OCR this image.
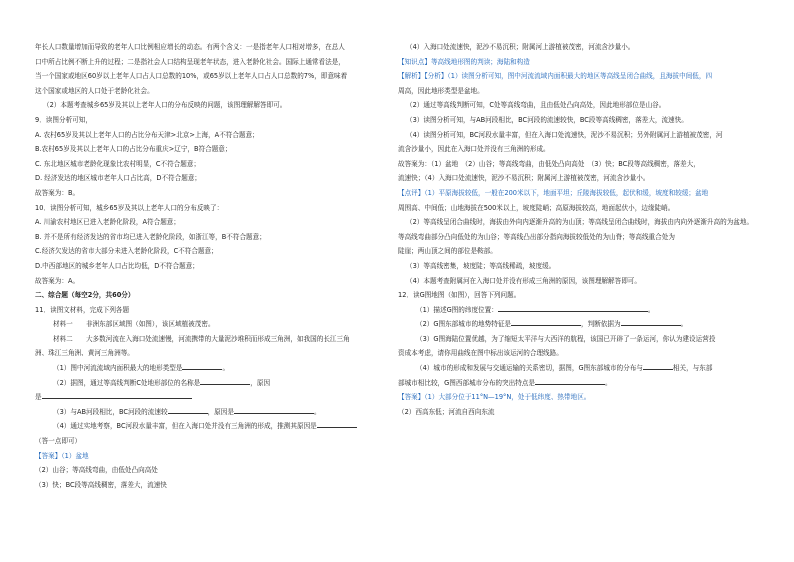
年长人口数量增加而导致的老年人口比例相应增长的动态。有两个含义：一是指老年人口相对增多，在总人

口中所占比例不断上升的过程；二是指社会人口结构呈现老年状态，进入老龄化社会。国际上通常看法是，

当一个国家或地区60岁以上老年人口占人口总数的10%，或65岁以上老年人口占人口总数的7%，即意味着

这个国家或地区的人口处于老龄化社会。

（2）本题考查城乡65岁及其以上老年人口的分布反映的问题，该图理解解答即可。

9．读图分析可知，

A. 农村65岁及其以上老年人口的占比分布天津>北京>上海，A不符合题意；

B.农村65岁及其以上老年人口的占比分布重庆>辽宁，B符合题意；

C. 东北地区城市老龄化现象比农村明显，C不符合题意；

D. 经济发达的地区城市老年人口占比高，D不符合题意；

故答案为：B。

10．读图分析可知，城乡65岁及其以上老年人口的分布反映了：

A. 川渝农村地区已进入老龄化阶段，A符合题意；

B. 并不是所有经济发达的省市均已进入老龄化阶段，如浙江等，B不符合题意；

C.经济欠发达的省市大部分未进入老龄化阶段，C不符合题意；

D.中西部地区的城乡老年人口占比均低，D不符合题意；

故答案为：A。

二、综合题（每空2分，共60分）

11．读图文材料，完成下列各题

材料一　　非洲东部区域图（如图），该区域植被茂密。

材料二　　大多数河流在入海口处流速慢，河流携带的大量泥沙堆积而形成三角洲，如我国的长江三角

洲、珠江三角洲、黄河三角洲等。

（1）图中河流流域内面积最大的地形类型是	。

（2）据图，通过等高线判断C处地形部位的名称是	，原因

是

（3）与AB河段相比，BC河段的流速较	，原因是	。

（4）通过实地考察，BC河段水量丰富，但在入海口处并没有三角洲的形成，推测其原因是

（答一点即可）

【答案】（1）盆地

（2）山谷；等高线弯曲，由低处凸向高处

（3）快；BC段等高线稠密，落差大，流速快

（4）入海口处流速快，泥沙不易沉积；附属河上游植被茂密，河流含沙量小。

【知识点】等高线地形图的判读；海陆和构造

【解析】【分析】（1）读图分析可知，图中河流流域内面积最大的地区等高线呈闭合曲线，且海拔中间低，四

周高，因此地形类型是盆地。

（2）通过等高线判断可知，C处等高线弯曲，且由低处凸向高处，因此地形部位是山谷。

（3）读图分析可知，与AB河段相比，BC河段的流速较快，BC段等高线稠密，落差大，流速快。

（4）读图分析可知，BC河段水量丰富，但在入海口处流速快，泥沙不易沉积；另外附属河上游植被茂密，河

流含沙量小，因此在入海口处并没有三角洲的形成。

故答案为：（1）盆地　（2）山谷；等高线弯曲，由低处凸向高处　（3）快；BC段等高线稠密，落差大，

流速快；（4）入海口处流速快，泥沙不易沉积；附属河上游植被茂密，河流含沙量小。

【点评】（1）平原海拔较低，一般在200米以下，地面平坦；丘陵海拔较低，起伏和缓，坡度和较缓；盆地

周围高、中间低；山地海拔在500米以上，坡度陡峭；高原海拔较高，地面起伏小，边缘陡峭。

（2）等高线呈闭合曲线时，海拔由外向内逐渐升高的为山顶；等高线呈闭合曲线时，海拔由内向外逐渐升高的为盆地。

等高线弯曲部分凸向低处的为山谷；等高线凸出部分指向海拔较低处的为山脊；等高线重合处为

陡崖；两山顶之间的部位是鞍部。

（3）等高线密集，坡度陡；等高线稀疏，坡度缓。

（4）本题考查附属河在入海口处并没有形成三角洲的原因，该图理解解答即可。

12．读G图地图（如图），回答下列问题。

（1）描述G图的纬度位置：	。

（2）G图东部城市的地势特征是	，判断依据为	。

（3）G图海陆位置优越，为了缩短太平洋与大西洋的航程，该国已开辟了一条运河，你认为建设运营投

资成本考虑，请你用曲线在图中标出该运河的合理线路。

（4）城市的形成和发展与交通运输的关系密切，据图，G图东部城市的分布与	相关，与东部

部城市相比较，G图西部城市分布的突出特点是	。

【答案】（1）大部分位于11°N—19°N，处于低纬度、热带地区。

（2）西高东低；河流自西向东流
